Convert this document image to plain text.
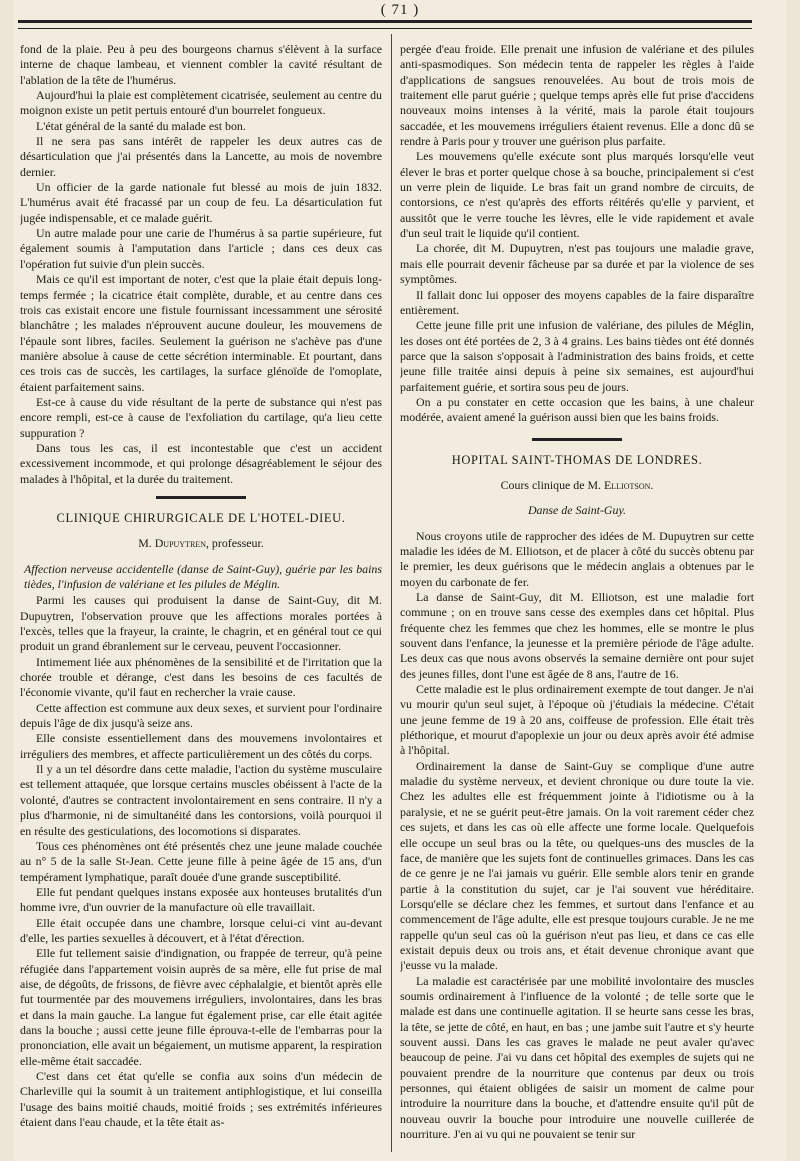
( 71 )

fond de la plaie. Peu à peu des bourgeons charnus s'élèvent à la surface interne de chaque lambeau, et viennent combler la cavité résultant de l'ablation de la tête de l'humérus.

Aujourd'hui la plaie est complètement cicatrisée, seulement au centre du moignon existe un petit pertuis entouré d'un bourrelet fongueux.

L'état général de la santé du malade est bon.

Il ne sera pas sans intérêt de rappeler les deux autres cas de désarticulation que j'ai présentés dans la Lancette, au mois de novembre dernier.

Un officier de la garde nationale fut blessé au mois de juin 1832. L'humérus avait été fracassé par un coup de feu. La désarticulation fut jugée indispensable, et ce malade guérit.

Un autre malade pour une carie de l'humérus à sa partie supérieure, fut également soumis à l'amputation dans l'article ; dans ces deux cas l'opération fut suivie d'un plein succès.

Mais ce qu'il est important de noter, c'est que la plaie était depuis long-temps fermée ; la cicatrice était complète, durable, et au centre dans ces trois cas existait encore une fistule fournissant incessamment une sérosité blanchâtre ; les malades n'éprouvent aucune douleur, les mouvemens de l'épaule sont libres, faciles. Seulement la guérison ne s'achève pas d'une manière absolue à cause de cette sécrétion interminable. Et pourtant, dans ces trois cas de succès, les cartilages, la surface glénoïde de l'omoplate, étaient parfaitement sains.

Est-ce à cause du vide résultant de la perte de substance qui n'est pas encore rempli, est-ce à cause de l'exfoliation du cartilage, qu'a lieu cette suppuration ?

Dans tous les cas, il est incontestable que c'est un accident excessivement incommode, et qui prolonge désagréablement le séjour des malades à l'hôpital, et la durée du traitement.

CLINIQUE CHIRURGICALE DE L'HOTEL-DIEU.
M. Dupuytren, professeur.

Affection nerveuse accidentelle (danse de Saint-Guy), guérie par les bains tièdes, l'infusion de valériane et les pilules de Méglin.

Parmi les causes qui produisent la danse de Saint-Guy, dit M. Dupuytren, l'observation prouve que les affections morales portées à l'excès, telles que la frayeur, la crainte, le chagrin, et en général tout ce qui produit un grand ébranlement sur le cerveau, peuvent l'occasionner.

Intimement liée aux phénomènes de la sensibilité et de l'irritation que la chorée trouble et dérange, c'est dans les besoins de ces facultés de l'économie vivante, qu'il faut en rechercher la vraie cause.

Cette affection est commune aux deux sexes, et survient pour l'ordinaire depuis l'âge de dix jusqu'à seize ans.

Elle consiste essentiellement dans des mouvemens involontaires et irréguliers des membres, et affecte particulièrement un des côtés du corps.

Il y a un tel désordre dans cette maladie, l'action du système musculaire est tellement attaquée, que lorsque certains muscles obéissent à l'acte de la volonté, d'autres se contractent involontairement en sens contraire. Il n'y a plus d'harmonie, ni de simultanéité dans les contorsions, voilà pourquoi il en résulte des gesticulations, des locomotions si disparates.

Tous ces phénomènes ont été présentés chez une jeune malade couchée au n° 5 de la salle St-Jean. Cette jeune fille à peine âgée de 15 ans, d'un tempérament lymphatique, paraît douée d'une grande susceptibilité.

Elle fut pendant quelques instans exposée aux honteuses brutalités d'un homme ivre, d'un ouvrier de la manufacture où elle travaillait.

Elle était occupée dans une chambre, lorsque celui-ci vint au-devant d'elle, les parties sexuelles à découvert, et à l'état d'érection.

Elle fut tellement saisie d'indignation, ou frappée de terreur, qu'à peine réfugiée dans l'appartement voisin auprès de sa mère, elle fut prise de mal aise, de dégoûts, de frissons, de fièvre avec céphalalgie, et bientôt après elle fut tourmentée par des mouvemens irréguliers, involontaires, dans les bras et dans la main gauche. La langue fut également prise, car elle était agitée dans la bouche ; aussi cette jeune fille éprouva-t-elle de l'embarras pour la prononciation, elle avait un bégaiement, un mutisme apparent, la respiration elle-même était saccadée.

C'est dans cet état qu'elle se confia aux soins d'un médecin de Charleville qui la soumit à un traitement antiphlogistique, et lui conseilla l'usage des bains moitié chauds, moitié froids ; ses extrémités inférieures étaient dans l'eau chaude, et la tête était as-

pergée d'eau froide. Elle prenait une infusion de valériane et des pilules anti-spasmodiques. Son médecin tenta de rappeler les règles à l'aide d'applications de sangsues renouvelées. Au bout de trois mois de traitement elle parut guérie ; quelque temps après elle fut prise d'accidens nouveaux moins intenses à la vérité, mais la parole était toujours saccadée, et les mouvemens irréguliers étaient revenus. Elle a donc dû se rendre à Paris pour y trouver une guérison plus parfaite.

Les mouvemens qu'elle exécute sont plus marqués lorsqu'elle veut élever le bras et porter quelque chose à sa bouche, principalement si c'est un verre plein de liquide. Le bras fait un grand nombre de circuits, de contorsions, ce n'est qu'après des efforts réitérés qu'elle y parvient, et aussitôt que le verre touche les lèvres, elle le vide rapidement et avale d'un seul trait le liquide qu'il contient.

La chorée, dit M. Dupuytren, n'est pas toujours une maladie grave, mais elle pourrait devenir fâcheuse par sa durée et par la violence de ses symptômes.

Il fallait donc lui opposer des moyens capables de la faire disparaître entièrement.

Cette jeune fille prit une infusion de valériane, des pilules de Méglin, les doses ont été portées de 2, 3 à 4 grains. Les bains tièdes ont été donnés parce que la saison s'opposait à l'administration des bains froids, et cette jeune fille traitée ainsi depuis à peine six semaines, est aujourd'hui parfaitement guérie, et sortira sous peu de jours.

On a pu constater en cette occasion que les bains, à une chaleur modérée, avaient amené la guérison aussi bien que les bains froids.

HOPITAL SAINT-THOMAS DE LONDRES.
Cours clinique de M. Elliotson.
Danse de Saint-Guy.

Nous croyons utile de rapprocher des idées de M. Dupuytren sur cette maladie les idées de M. Elliotson, et de placer à côté du succès obtenu par le premier, les deux guérisons que le médecin anglais a obtenues par le moyen du carbonate de fer.

La danse de Saint-Guy, dit M. Elliotson, est une maladie fort commune ; on en trouve sans cesse des exemples dans cet hôpital. Plus fréquente chez les femmes que chez les hommes, elle se montre le plus souvent dans l'enfance, la jeunesse et la première période de l'âge adulte. Les deux cas que nous avons observés la semaine dernière ont pour sujet des jeunes filles, dont l'une est âgée de 8 ans, l'autre de 16.

Cette maladie est le plus ordinairement exempte de tout danger. Je n'ai vu mourir qu'un seul sujet, à l'époque où j'étudiais la médecine. C'était une jeune femme de 19 à 20 ans, coiffeuse de profession. Elle était très pléthorique, et mourut d'apoplexie un jour ou deux après avoir été admise à l'hôpital.

Ordinairement la danse de Saint-Guy se complique d'une autre maladie du système nerveux, et devient chronique ou dure toute la vie. Chez les adultes elle est fréquemment jointe à l'idiotisme ou à la paralysie, et ne se guérit peut-être jamais. On la voit rarement céder chez ces sujets, et dans les cas où elle affecte une forme locale. Quelquefois elle occupe un seul bras ou la tête, ou quelques-uns des muscles de la face, de manière que les sujets font de continuelles grimaces. Dans les cas de ce genre je ne l'ai jamais vu guérir. Elle semble alors tenir en grande partie à la constitution du sujet, car je l'ai souvent vue héréditaire. Lorsqu'elle se déclare chez les femmes, et surtout dans l'enfance et au commencement de l'âge adulte, elle est presque toujours curable. Je ne me rappelle qu'un seul cas où la guérison n'eut pas lieu, et dans ce cas elle existait depuis deux ou trois ans, et était devenue chronique avant que j'eusse vu la malade.

La maladie est caractérisée par une mobilité involontaire des muscles soumis ordinairement à l'influence de la volonté ; de telle sorte que le malade est dans une continuelle agitation. Il se heurte sans cesse les bras, la tête, se jette de côté, en haut, en bas ; une jambe suit l'autre et s'y heurte souvent aussi. Dans les cas graves le malade ne peut avaler qu'avec beaucoup de peine. J'ai vu dans cet hôpital des exemples de sujets qui ne pouvaient prendre de la nourriture que contenus par deux ou trois personnes, qui étaient obligées de saisir un moment de calme pour introduire la nourriture dans la bouche, et d'attendre ensuite qu'il pût de nouveau ouvrir la bouche pour introduire une nouvelle cuillerée de nourriture. J'en ai vu qui ne pouvaient se tenir sur
